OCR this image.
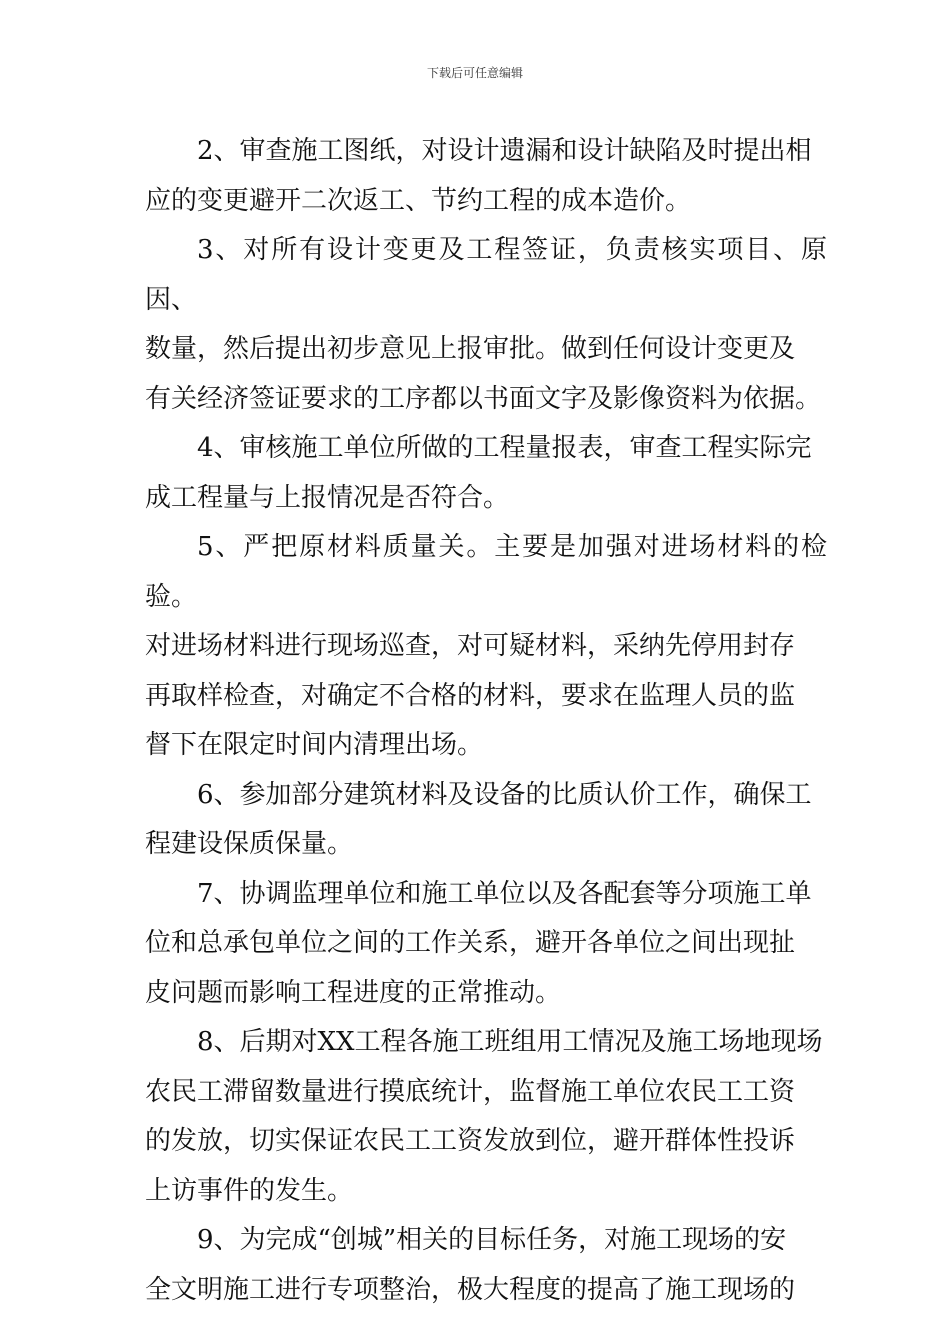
下载后可任意编辑

2、审查施工图纸，对设计遗漏和设计缺陷及时提出相
应的变更避开二次返工、节约工程的成本造价。

3、对所有设计变更及工程签证，负责核实项目、原因、
数量，然后提出初步意见上报审批。做到任何设计变更及
有关经济签证要求的工序都以书面文字及影像资料为依据。

4、审核施工单位所做的工程量报表，审查工程实际完
成工程量与上报情况是否符合。

5、严把原材料质量关。主要是加强对进场材料的检验。
对进场材料进行现场巡查，对可疑材料，采纳先停用封存
再取样检查，对确定不合格的材料，要求在监理人员的监
督下在限定时间内清理出场。

6、参加部分建筑材料及设备的比质认价工作，确保工
程建设保质保量。

7、协调监理单位和施工单位以及各配套等分项施工单
位和总承包单位之间的工作关系，避开各单位之间出现扯
皮问题而影响工程进度的正常推动。

8、后期对XX工程各施工班组用工情况及施工场地现场
农民工滞留数量进行摸底统计，监督施工单位农民工工资
的发放，切实保证农民工工资发放到位，避开群体性投诉
上访事件的发生。

9、为完成“创城”相关的目标任务，对施工现场的安
全文明施工进行专项整治，极大程度的提高了施工现场的
